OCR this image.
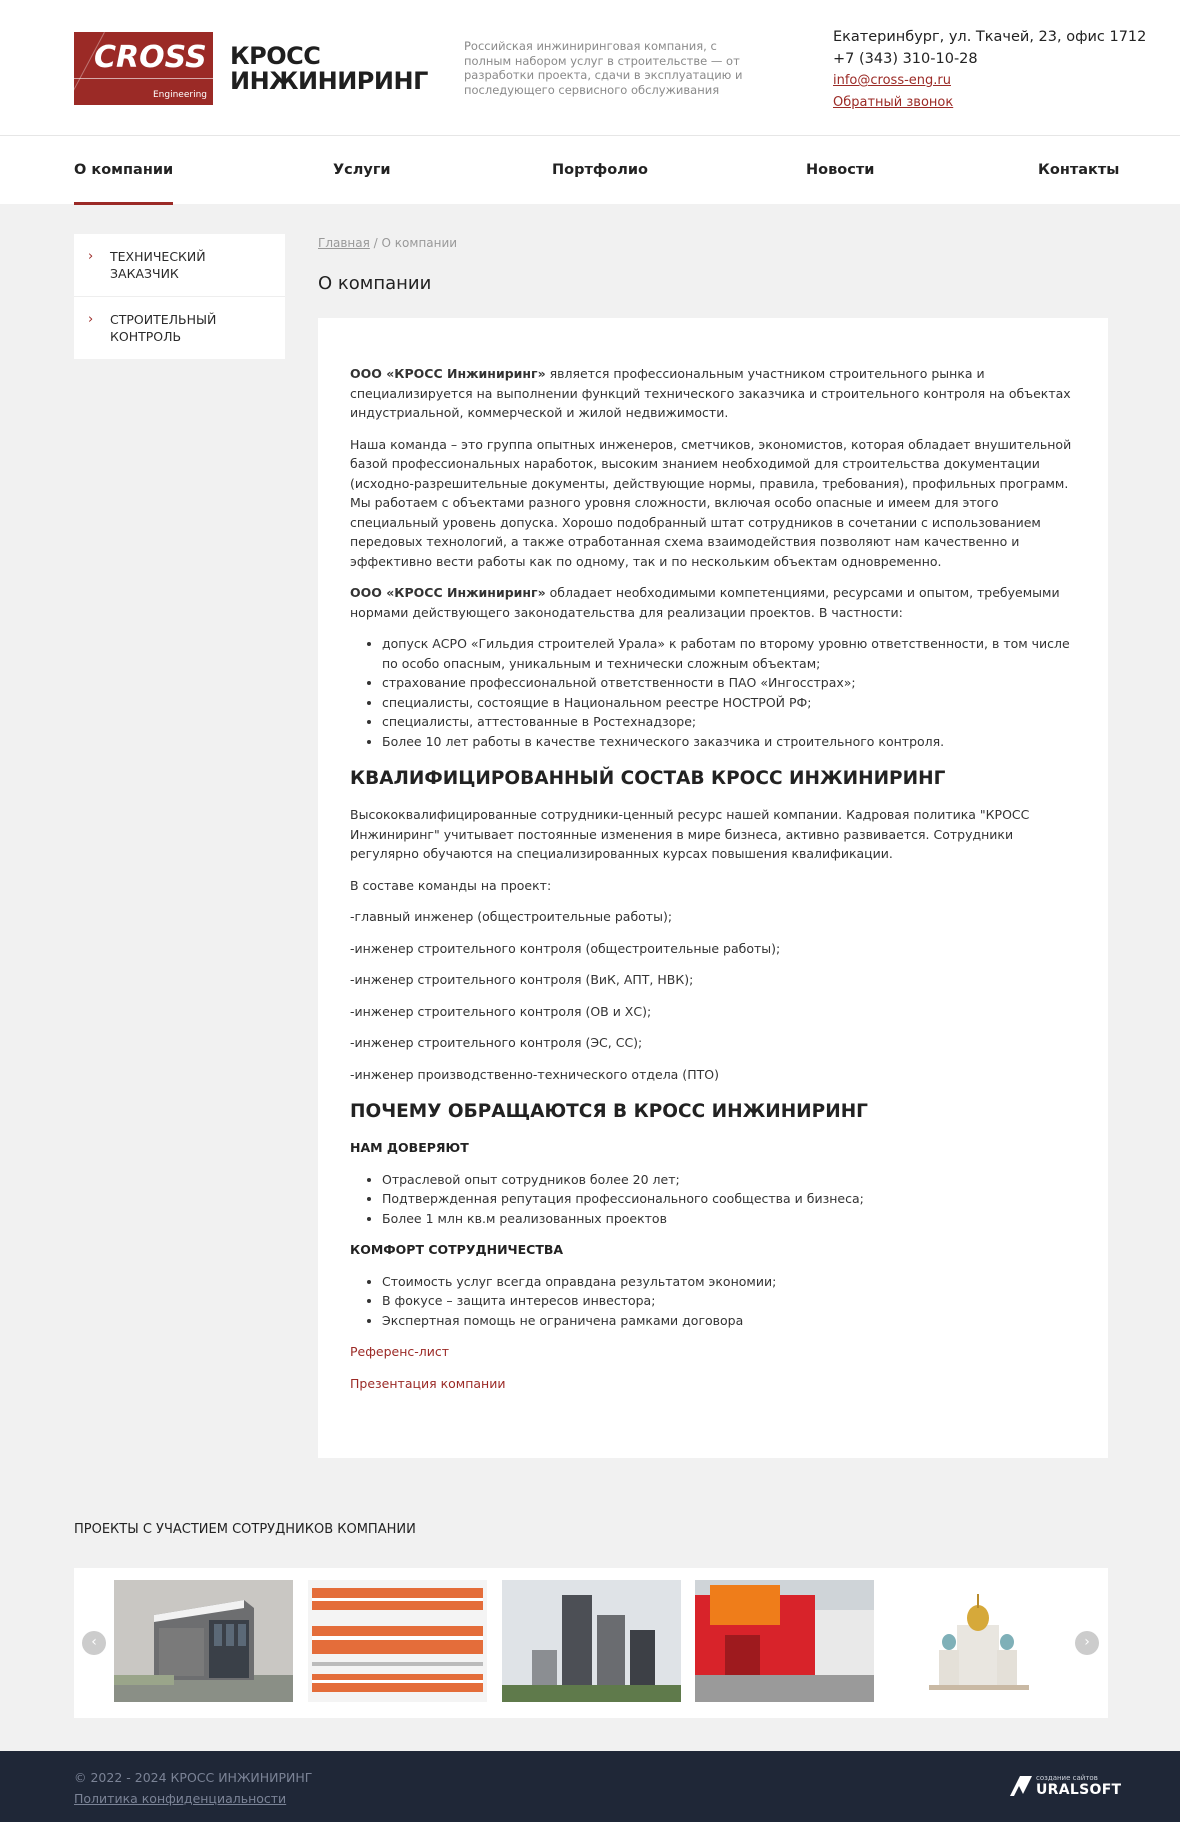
CROSS
Engineering
КРОСС
ИНЖИНИРИНГ
Российская инжиниринговая компания, с полным набором услуг в строительстве — от разработки проекта, сдачи в эксплуатацию и последующего сервисного обслуживания
Екатеринбург, ул. Ткачей, 23, офис 1712
+7 (343) 310-10-28
info@cross-eng.ru
Обратный звонок
О компании	Услуги	Портфолио	Новости	Контакты
› ТЕХНИЧЕСКИЙ ЗАКАЗЧИК
› СТРОИТЕЛЬНЫЙ КОНТРОЛЬ
Главная / О компании
О компании

ООО «КРОСС Инжиниринг» является профессиональным участником строительного рынка и специализируется на выполнении функций технического заказчика и строительного контроля на объектах индустриальной, коммерческой и жилой недвижимости.

Наша команда – это группа опытных инженеров, сметчиков, экономистов, которая обладает внушительной базой профессиональных наработок, высоким знанием необходимой для строительства документации (исходно-разрешительные документы, действующие нормы, правила, требования), профильных программ. Мы работаем с объектами разного уровня сложности, включая особо опасные и имеем для этого специальный уровень допуска. Хорошо подобранный штат сотрудников в сочетании с использованием передовых технологий, а также отработанная схема взаимодействия позволяют нам качественно и эффективно вести работы как по одному, так и по нескольким объектам одновременно.

ООО «КРОСС Инжиниринг» обладает необходимыми компетенциями, ресурсами и опытом, требуемыми нормами действующего законодательства для реализации проектов. В частности:

• допуск АСРО «Гильдия строителей Урала» к работам по второму уровню ответственности, в том числе по особо опасным, уникальным и технически сложным объектам;
• страхование профессиональной ответственности в ПАО «Ингосстрах»;
• специалисты, состоящие в Национальном реестре НОСТРОЙ РФ;
• специалисты, аттестованные в Ростехнадзоре;
• Более 10 лет работы в качестве технического заказчика и строительного контроля.
КВАЛИФИЦИРОВАННЫЙ СОСТАВ КРОСС ИНЖИНИРИНГ

Высококвалифицированные сотрудники-ценный ресурс нашей компании. Кадровая политика "КРОСС Инжиниринг" учитывает постоянные изменения в мире бизнеса, активно развивается. Сотрудники регулярно обучаются на специализированных курсах повышения квалификации.

В составе команды на проект:

-главный инженер (общестроительные работы);

-инженер строительного контроля (общестроительные работы);

-инженер строительного контроля (ВиК, АПТ, НВК);

-инженер строительного контроля (ОВ и ХС);

-инженер строительного контроля (ЭС, СС);

-инженер производственно-технического отдела (ПТО)

ПОЧЕМУ ОБРАЩАЮТСЯ В КРОСС ИНЖИНИРИНГ
НАМ ДОВЕРЯЮТ
• Отраслевой опыт сотрудников более 20 лет;
• Подтвержденная репутация профессионального сообщества и бизнеса;
• Более 1 млн кв.м реализованных проектов
КОМФОРТ СОТРУДНИЧЕСТВА
• Стоимость услуг всегда оправдана результатом экономии;
• В фокусе – защита интересов инвестора;
• Экспертная помощь не ограничена рамками договора

Референс-лист

Презентация компании

ПРОЕКТЫ С УЧАСТИЕМ СОТРУДНИКОВ КОМПАНИИ
‹	›
© 2022 - 2024 КРОСС ИНЖИНИРИНГ
Политика конфиденциальности
создание сайтов
URALSOFT
